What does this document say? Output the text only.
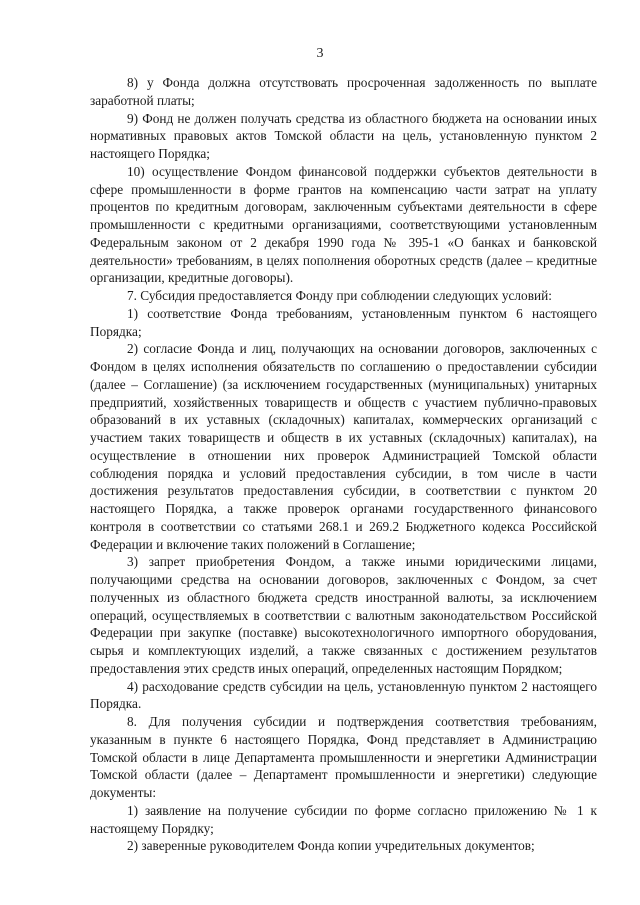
3

8) у Фонда должна отсутствовать просроченная задолженность по выплате заработной платы;

9) Фонд не должен получать средства из областного бюджета на основании иных нормативных правовых актов Томской области на цель, установленную пунктом 2 настоящего Порядка;

10) осуществление Фондом финансовой поддержки субъектов деятельности в сфере промышленности в форме грантов на компенсацию части затрат на уплату процентов по кредитным договорам, заключенным субъектами деятельности в сфере промышленности с кредитными организациями, соответствующими установленным Федеральным законом от 2 декабря 1990 года № 395-1 «О банках и банковской деятельности» требованиям, в целях пополнения оборотных средств (далее – кредитные организации, кредитные договоры).

7. Субсидия предоставляется Фонду при соблюдении следующих условий:

1) соответствие Фонда требованиям, установленным пунктом 6 настоящего Порядка;

2) согласие Фонда и лиц, получающих на основании договоров, заключенных с Фондом в целях исполнения обязательств по соглашению о предоставлении субсидии (далее – Соглашение) (за исключением государственных (муниципальных) унитарных предприятий, хозяйственных товариществ и обществ с участием публично-правовых образований в их уставных (складочных) капиталах, коммерческих организаций с участием таких товариществ и обществ в их уставных (складочных) капиталах), на осуществление в отношении них проверок Администрацией Томской области соблюдения порядка и условий предоставления субсидии, в том числе в части достижения результатов предоставления субсидии, в соответствии с пунктом 20 настоящего Порядка, а также проверок органами государственного финансового контроля в соответствии со статьями 268.1 и 269.2 Бюджетного кодекса Российской Федерации и включение таких положений в Соглашение;

3) запрет приобретения Фондом, а также иными юридическими лицами, получающими средства на основании договоров, заключенных с Фондом, за счет полученных из областного бюджета средств иностранной валюты, за исключением операций, осуществляемых в соответствии с валютным законодательством Российской Федерации при закупке (поставке) высокотехнологичного импортного оборудования, сырья и комплектующих изделий, а также связанных с достижением результатов предоставления этих средств иных операций, определенных настоящим Порядком;

4) расходование средств субсидии на цель, установленную пунктом 2 настоящего Порядка.

8. Для получения субсидии и подтверждения соответствия требованиям, указанным в пункте 6 настоящего Порядка, Фонд представляет в Администрацию Томской области в лице Департамента промышленности и энергетики Администрации Томской области (далее – Департамент промышленности и энергетики) следующие документы:

1) заявление на получение субсидии по форме согласно приложению № 1 к настоящему Порядку;

2) заверенные руководителем Фонда копии учредительных документов;
